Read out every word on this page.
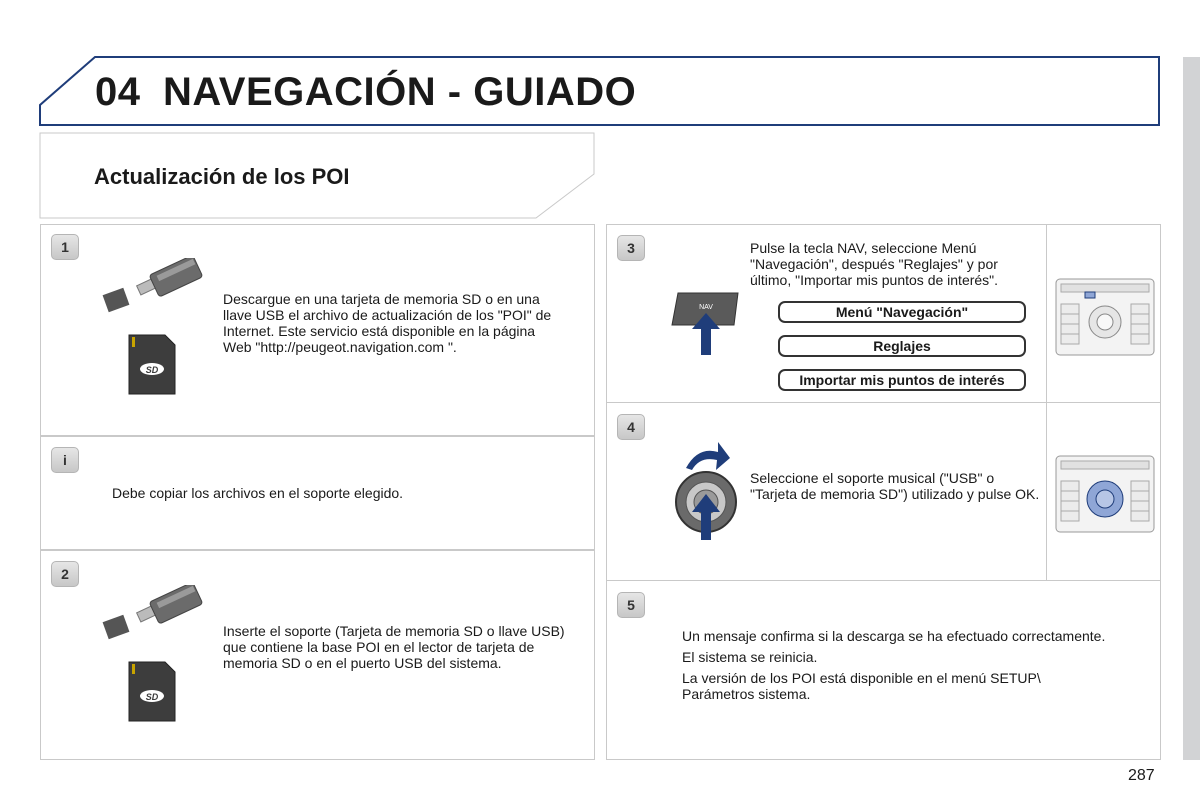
04 NAVEGACIÓN - GUIADO
Actualización de los POI
1
SD

Descargue en una tarjeta de memoria SD o en una llave USB el archivo de actualización de los "POI" de Internet. Este servicio está disponible en la página Web "http://peugeot.navigation.com ".

i

Debe copiar los archivos en el soporte elegido.

2
SD

Inserte el soporte (Tarjeta de memoria SD o llave USB) que contiene la base POI en el lector de tarjeta de memoria SD o en el puerto USB del sistema.

3
NAV

Pulse la tecla NAV, seleccione Menú "Navegación", después "Reglajes" y por último, "Importar mis puntos de interés".

Menú "Navegación"
Reglajes
Importar mis puntos de interés
4

Seleccione el soporte musical ("USB" o "Tarjeta de memoria SD") utilizado y pulse OK.

5

Un mensaje confirma si la descarga se ha efectuado correctamente.

El sistema se reinicia.

La versión de los POI está disponible en el menú SETUP\ Parámetros sistema.

287
